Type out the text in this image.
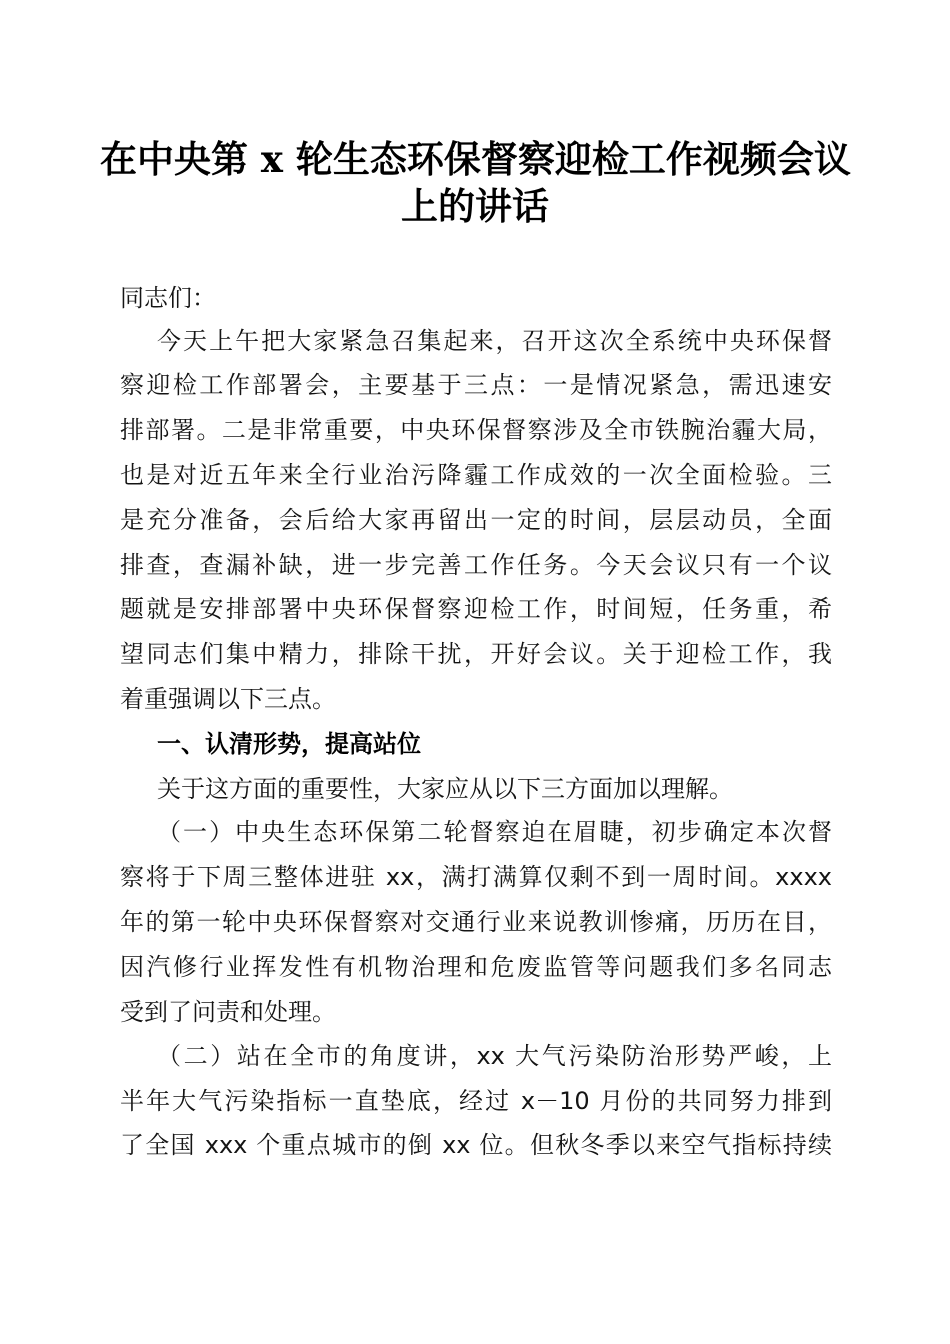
在中央第 x 轮生态环保督察迎检工作视频会议
上的讲话
同志们：
今天上午把大家紧急召集起来，召开这次全系统中央环保督
察迎检工作部署会，主要基于三点：一是情况紧急，需迅速安
排部署。二是非常重要，中央环保督察涉及全市铁腕治霾大局，
也是对近五年来全行业治污降霾工作成效的一次全面检验。三
是充分准备，会后给大家再留出一定的时间，层层动员，全面
排查，查漏补缺，进一步完善工作任务。今天会议只有一个议
题就是安排部署中央环保督察迎检工作，时间短，任务重，希
望同志们集中精力，排除干扰，开好会议。关于迎检工作，我
着重强调以下三点。
一、认清形势，提高站位
关于这方面的重要性，大家应从以下三方面加以理解。
（一）中央生态环保第二轮督察迫在眉睫，初步确定本次督
察将于下周三整体进驻 xx，满打满算仅剩不到一周时间。xxxx
年的第一轮中央环保督察对交通行业来说教训惨痛，历历在目，
因汽修行业挥发性有机物治理和危废监管等问题我们多名同志
受到了问责和处理。
（二）站在全市的角度讲，xx 大气污染防治形势严峻，上
半年大气污染指标一直垫底，经过 x－10 月份的共同努力排到
了全国 xxx 个重点城市的倒 xx 位。但秋冬季以来空气指标持续
